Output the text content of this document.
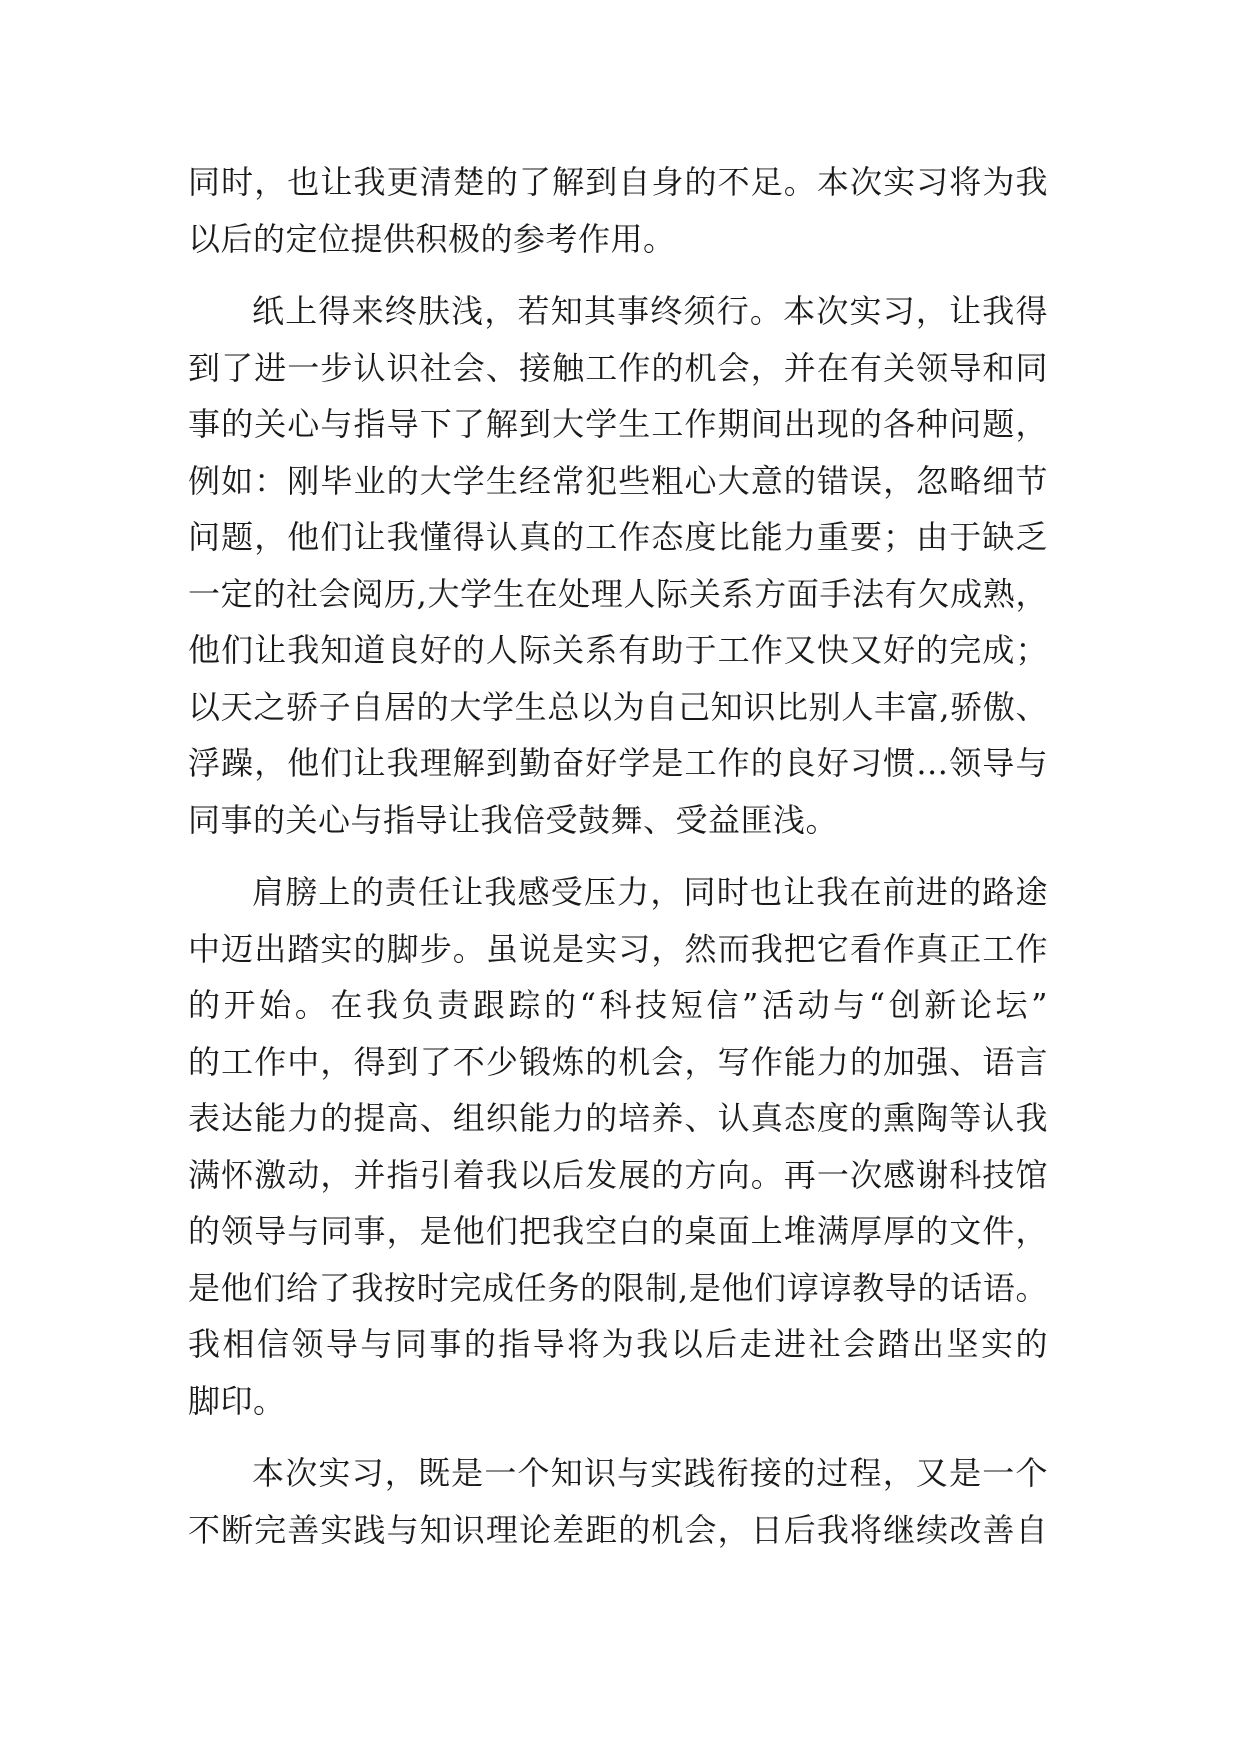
同时，也让我更清楚的了解到自身的不足。本次实习将为我
以后的定位提供积极的参考作用。
纸上得来终肤浅，若知其事终须行。本次实习，让我得
到了进一步认识社会、接触工作的机会，并在有关领导和同
事的关心与指导下了解到大学生工作期间出现的各种问题，
例如：刚毕业的大学生经常犯些粗心大意的错误，忽略细节
问题，他们让我懂得认真的工作态度比能力重要；由于缺乏
一定的社会阅历,大学生在处理人际关系方面手法有欠成熟，
他们让我知道良好的人际关系有助于工作又快又好的完成；
以天之骄子自居的大学生总以为自己知识比别人丰富,骄傲、
浮躁，他们让我理解到勤奋好学是工作的良好习惯…领导与
同事的关心与指导让我倍受鼓舞、受益匪浅。
肩膀上的责任让我感受压力，同时也让我在前进的路途
中迈出踏实的脚步。虽说是实习，然而我把它看作真正工作
的开始。在我负责跟踪的“科技短信”活动与“创新论坛”
的工作中，得到了不少锻炼的机会，写作能力的加强、语言
表达能力的提高、组织能力的培养、认真态度的熏陶等认我
满怀激动，并指引着我以后发展的方向。再一次感谢科技馆
的领导与同事，是他们把我空白的桌面上堆满厚厚的文件，
是他们给了我按时完成任务的限制,是他们谆谆教导的话语。
我相信领导与同事的指导将为我以后走进社会踏出坚实的
脚印。
本次实习，既是一个知识与实践衔接的过程，又是一个
不断完善实践与知识理论差距的机会，日后我将继续改善自
